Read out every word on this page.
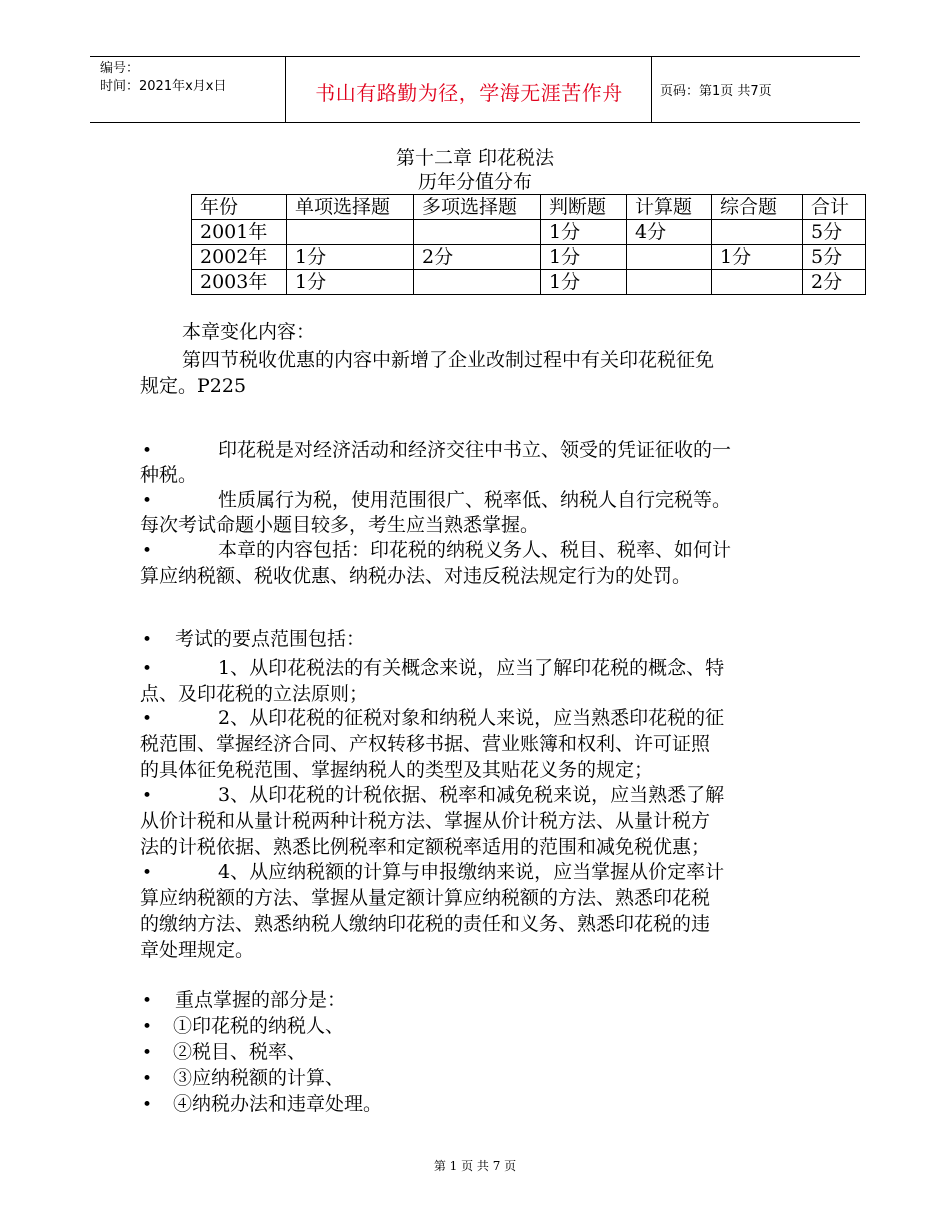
编号：
时间：2021年x月x日	书山有路勤为径，学海无涯苦作舟	页码：第1页 共7页
第十二章 印花税法
历年分值分布
年份	单项选择题	多项选择题	判断题	计算题	综合题	合计
2001年			1分	4分		5分
2002年	1分	2分	1分		1分	5分
2003年	1分		1分			2分
本章变化内容：
第四节税收优惠的内容中新增了企业改制过程中有关印花税征免
规定。P225
•	印花税是对经济活动和经济交往中书立、领受的凭证征收的一
种税。
•	性质属行为税，使用范围很广、税率低、纳税人自行完税等。
每次考试命题小题目较多，考生应当熟悉掌握。
•	本章的内容包括：印花税的纳税义务人、税目、税率、如何计
算应纳税额、税收优惠、纳税办法、对违反税法规定行为的处罚。
• 考试的要点范围包括：
•	1、从印花税法的有关概念来说，应当了解印花税的概念、特
点、及印花税的立法原则；
•	2、从印花税的征税对象和纳税人来说，应当熟悉印花税的征
税范围、掌握经济合同、产权转移书据、营业账簿和权利、许可证照
的具体征免税范围、掌握纳税人的类型及其贴花义务的规定；
•	3、从印花税的计税依据、税率和减免税来说，应当熟悉了解
从价计税和从量计税两种计税方法、掌握从价计税方法、从量计税方
法的计税依据、熟悉比例税率和定额税率适用的范围和减免税优惠；
•	4、从应纳税额的计算与申报缴纳来说，应当掌握从价定率计
算应纳税额的方法、掌握从量定额计算应纳税额的方法、熟悉印花税
的缴纳方法、熟悉纳税人缴纳印花税的责任和义务、熟悉印花税的违
章处理规定。
• 重点掌握的部分是：
• ①印花税的纳税人、
• ②税目、税率、
• ③应纳税额的计算、
• ④纳税办法和违章处理。
第 1 页 共 7 页
